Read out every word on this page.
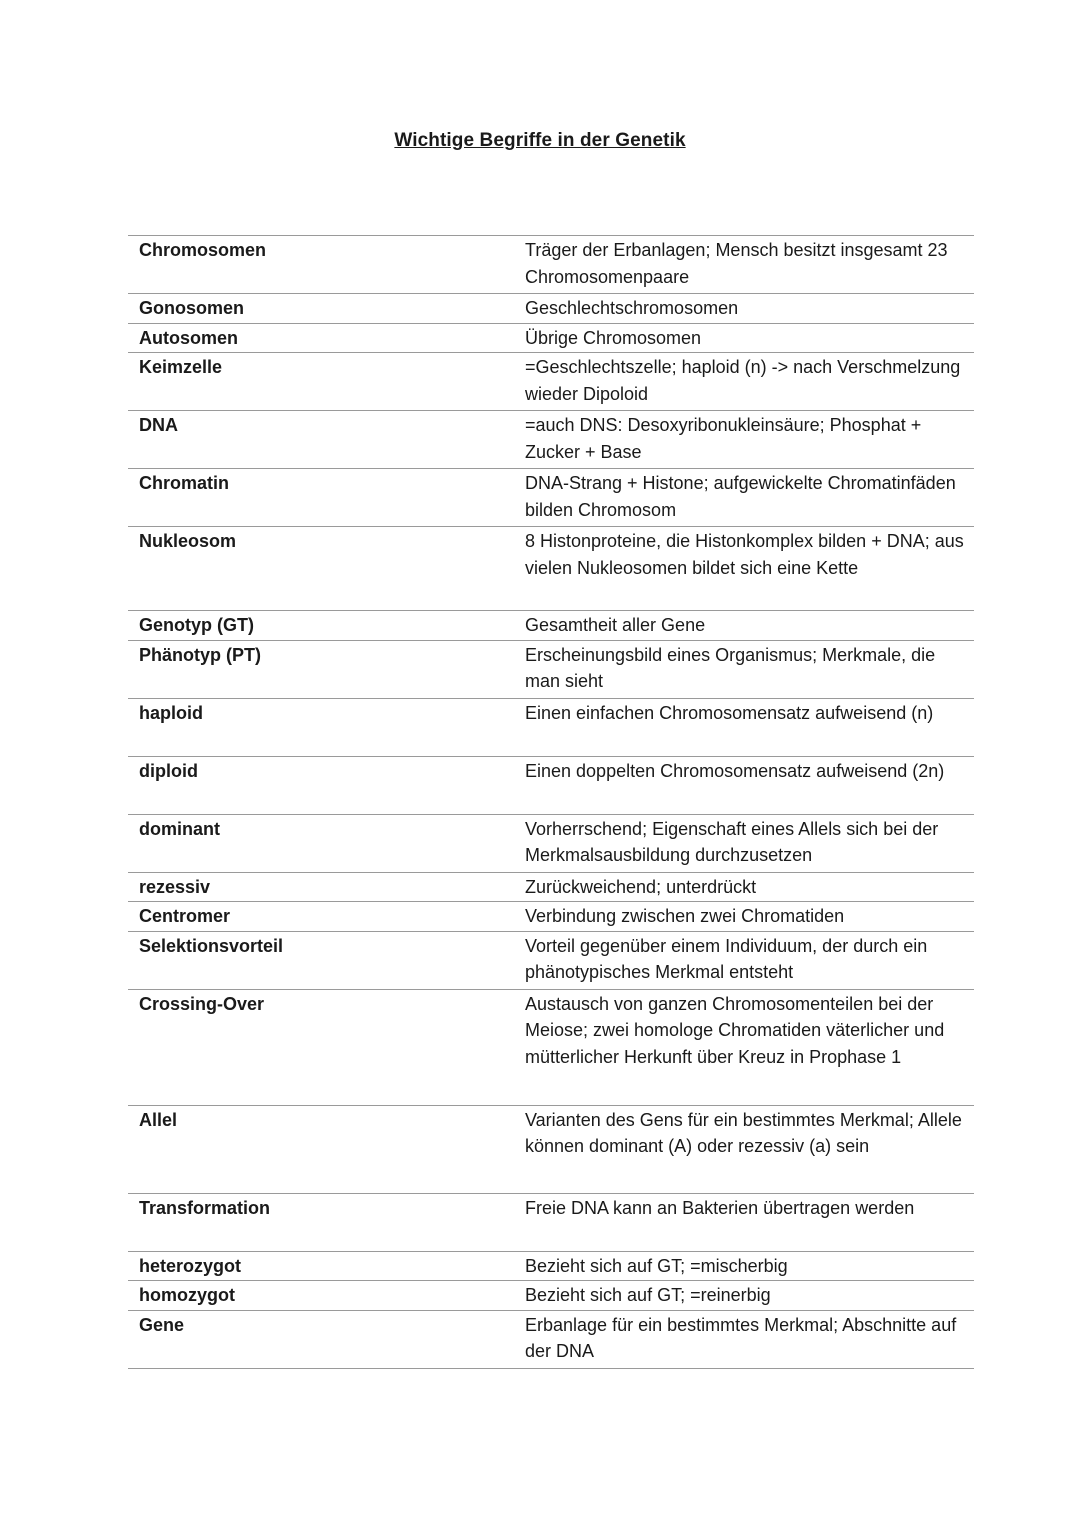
Wichtige Begriffe in der Genetik
Chromosomen	Träger der Erbanlagen; Mensch besitzt insgesamt 23 Chromosomenpaare
Gonosomen	Geschlechtschromosomen
Autosomen	Übrige Chromosomen
Keimzelle	=Geschlechtszelle; haploid (n) -> nach Verschmelzung wieder Dipoloid
DNA	=auch DNS: Desoxyribonukleinsäure; Phosphat + Zucker + Base
Chromatin	DNA-Strang + Histone; aufgewickelte Chromatinfäden bilden Chromosom
Nukleosom	8 Histonproteine, die Histonkomplex bilden + DNA; aus vielen Nukleosomen bildet sich eine Kette
Genotyp (GT)	Gesamtheit aller Gene
Phänotyp (PT)	Erscheinungsbild eines Organismus; Merkmale, die man sieht
haploid	Einen einfachen Chromosomensatz aufweisend (n)
diploid	Einen doppelten Chromosomensatz aufweisend (2n)
dominant	Vorherrschend; Eigenschaft eines Allels sich bei der Merkmalsausbildung durchzusetzen
rezessiv	Zurückweichend; unterdrückt
Centromer	Verbindung zwischen zwei Chromatiden
Selektionsvorteil	Vorteil gegenüber einem Individuum, der durch ein phänotypisches Merkmal entsteht
Crossing-Over	Austausch von ganzen Chromosomenteilen bei der Meiose; zwei homologe Chromatiden väterlicher und mütterlicher Herkunft über Kreuz in Prophase 1
Allel	Varianten des Gens für ein bestimmtes Merkmal; Allele können dominant (A) oder rezessiv (a) sein
Transformation	Freie DNA kann an Bakterien übertragen werden
heterozygot	Bezieht sich auf GT; =mischerbig
homozygot	Bezieht sich auf GT; =reinerbig
Gene	Erbanlage für ein bestimmtes Merkmal; Abschnitte auf der DNA
